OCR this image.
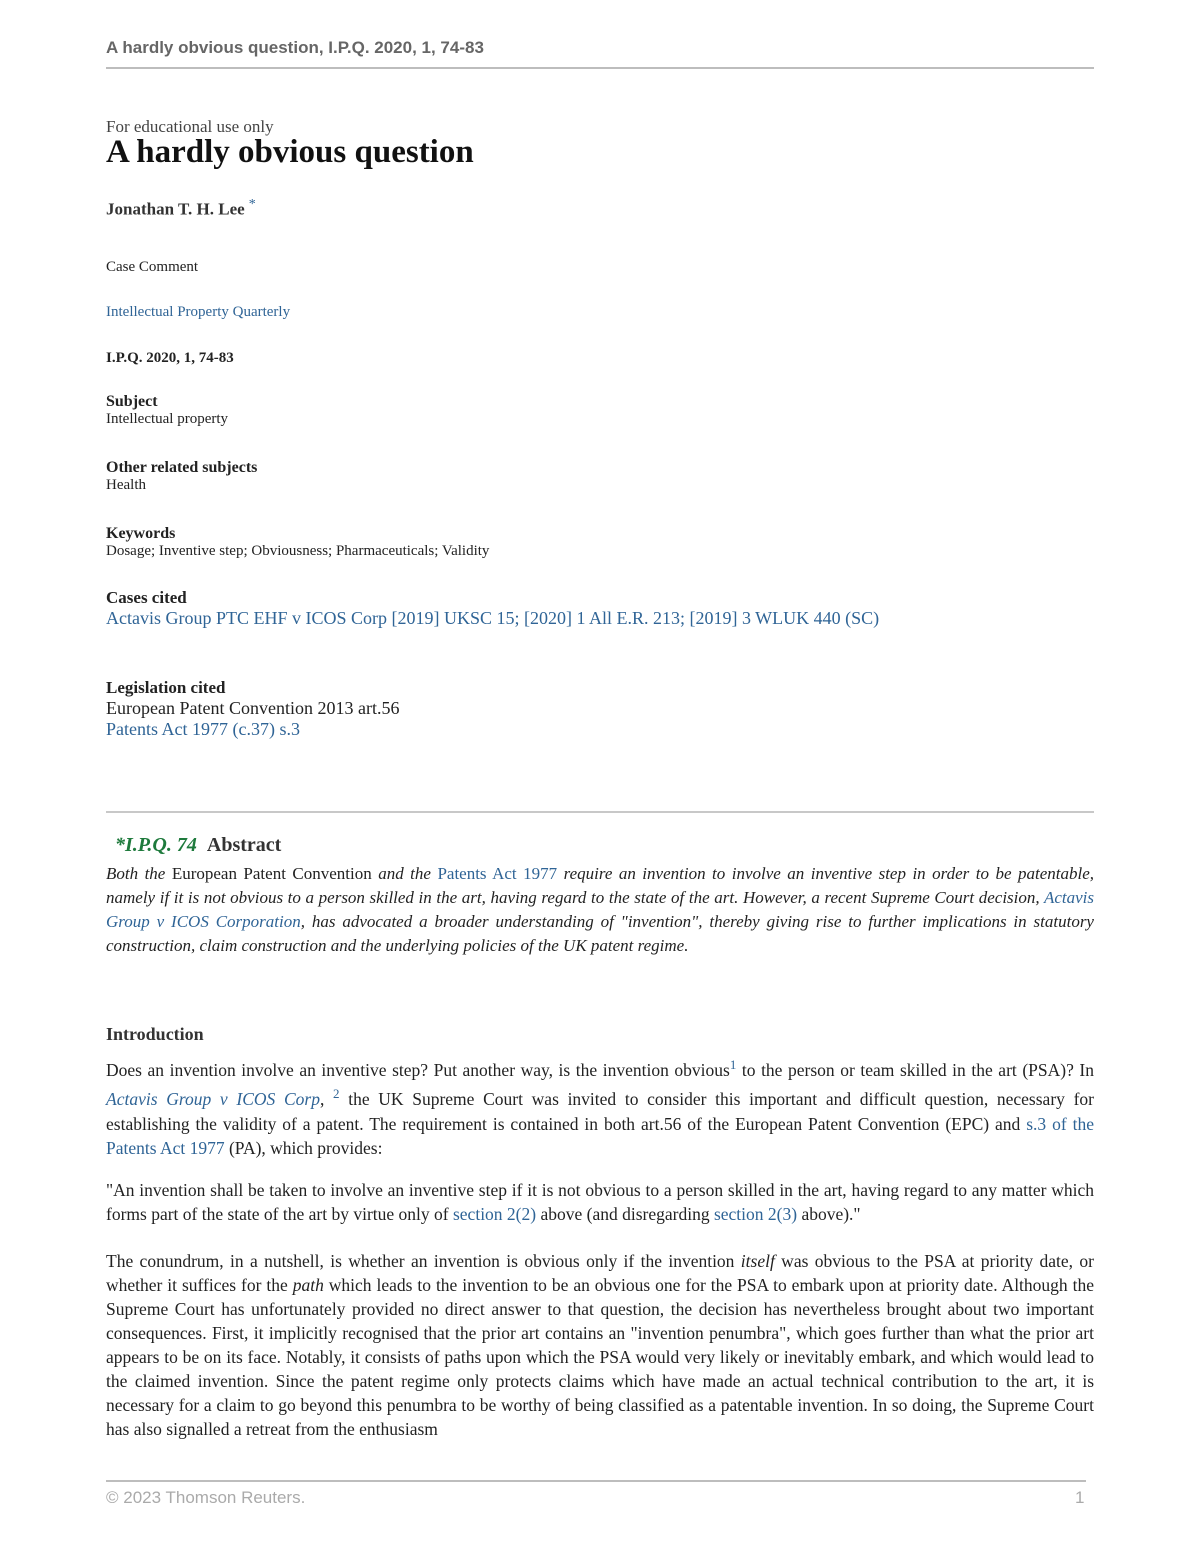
A hardly obvious question, I.P.Q. 2020, 1, 74-83
For educational use only
A hardly obvious question
Jonathan T. H. Lee *
Case Comment
Intellectual Property Quarterly
I.P.Q. 2020, 1, 74-83
Subject
Intellectual property
Other related subjects
Health
Keywords
Dosage; Inventive step; Obviousness; Pharmaceuticals; Validity
Cases cited
Actavis Group PTC EHF v ICOS Corp [2019] UKSC 15; [2020] 1 All E.R. 213; [2019] 3 WLUK 440 (SC)
Legislation cited
European Patent Convention 2013 art.56
Patents Act 1977 (c.37) s.3
*I.P.Q. 74 Abstract

Both the European Patent Convention and the Patents Act 1977 require an invention to involve an inventive step in order to be patentable, namely if it is not obvious to a person skilled in the art, having regard to the state of the art. However, a recent Supreme Court decision, Actavis Group v ICOS Corporation, has advocated a broader understanding of "invention", thereby giving rise to further implications in statutory construction, claim construction and the underlying policies of the UK patent regime.

Introduction

Does an invention involve an inventive step? Put another way, is the invention obvious$^1$ to the person or team skilled in the art (PSA)? In Actavis Group v ICOS Corp, $^2$ the UK Supreme Court was invited to consider this important and difficult question, necessary for establishing the validity of a patent. The requirement is contained in both art.56 of the European Patent Convention (EPC) and s.3 of the Patents Act 1977 (PA), which provides:

"An invention shall be taken to involve an inventive step if it is not obvious to a person skilled in the art, having regard to any matter which forms part of the state of the art by virtue only of section 2(2) above (and disregarding section 2(3) above)."

The conundrum, in a nutshell, is whether an invention is obvious only if the invention itself was obvious to the PSA at priority date, or whether it suffices for the path which leads to the invention to be an obvious one for the PSA to embark upon at priority date. Although the Supreme Court has unfortunately provided no direct answer to that question, the decision has nevertheless brought about two important consequences. First, it implicitly recognised that the prior art contains an "invention penumbra", which goes further than what the prior art appears to be on its face. Notably, it consists of paths upon which the PSA would very likely or inevitably embark, and which would lead to the claimed invention. Since the patent regime only protects claims which have made an actual technical contribution to the art, it is necessary for a claim to go beyond this penumbra to be worthy of being classified as a patentable invention. In so doing, the Supreme Court has also signalled a retreat from the enthusiasm

© 2023 Thomson Reuters.	1
